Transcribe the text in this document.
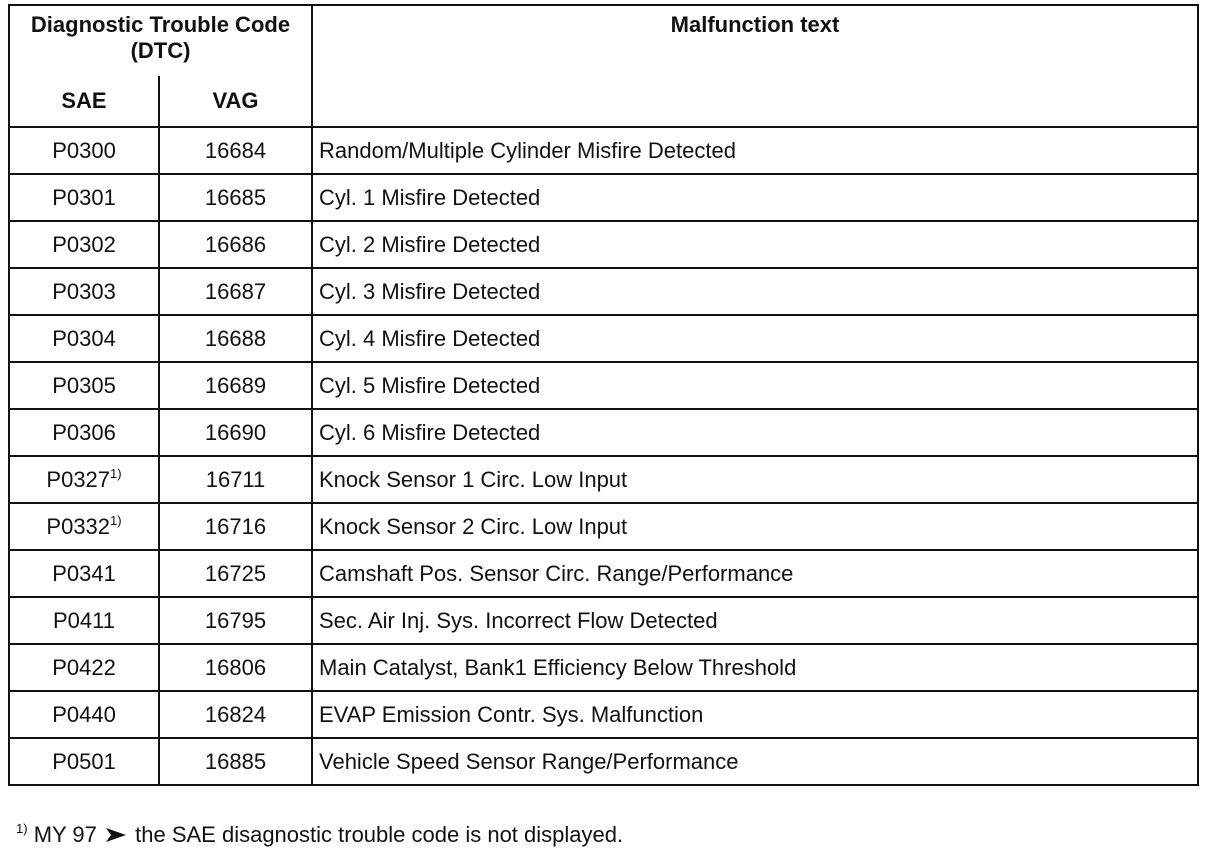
Diagnostic Trouble Code (DTC)		Malfunction text

SAE	VAG	
P0300	16684	Random/Multiple Cylinder Misfire Detected
P0301	16685	Cyl. 1 Misfire Detected
P0302	16686	Cyl. 2 Misfire Detected
P0303	16687	Cyl. 3 Misfire Detected
P0304	16688	Cyl. 4 Misfire Detected
P0305	16689	Cyl. 5 Misfire Detected
P0306	16690	Cyl. 6 Misfire Detected
P0327$^{1)}$	16711	Knock Sensor 1 Circ. Low Input
P0332$^{1)}$	16716	Knock Sensor 2 Circ. Low Input
P0341	16725	Camshaft Pos. Sensor Circ. Range/Performance
P0411	16795	Sec. Air Inj. Sys. Incorrect Flow Detected
P0422	16806	Main Catalyst, Bank1 Efficiency Below Threshold
P0440	16824	EVAP Emission Contr. Sys. Malfunction
P0501	16885	Vehicle Speed Sensor Range/Performance
$^{1)}$ MY 97 the SAE disagnostic trouble code is not displayed.
